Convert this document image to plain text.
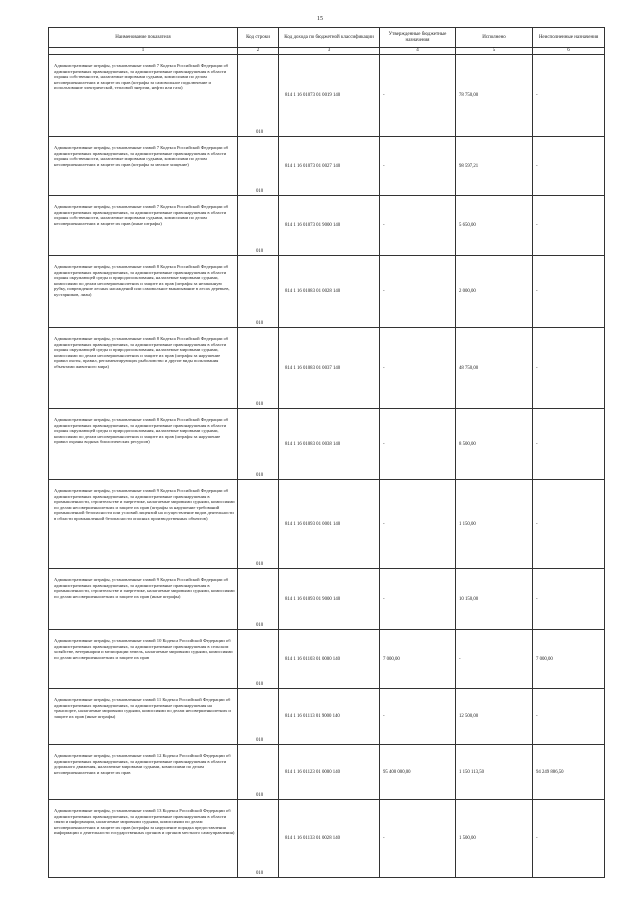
15
Наименование показателя	Код строки	Код дохода по бюджетной классификации	Утвержденные бюджетные назначения	Исполнено	Неисполненные назначения
1	2	3	4	5	6
Административные штрафы, установленные главой 7 Кодекса Российской Федерации об административных правонарушениях, за административные правонарушения в области охраны собственности, налагаемые мировыми судьями, комиссиями по делам несовершеннолетних и защите их прав (штрафы за самовольное подключение и использование электрической, тепловой энергии, нефти или газа)	010	814 1 16 01073 01 0019 140	-	78 750,00	-
Административные штрафы, установленные главой 7 Кодекса Российской Федерации об административных правонарушениях, за административные правонарушения в области охраны собственности, налагаемые мировыми судьями, комиссиями по делам несовершеннолетних и защите их прав (штрафы за мелкое хищение)	010	814 1 16 01073 01 0027 140	-	98 597,21	-
Административные штрафы, установленные главой 7 Кодекса Российской Федерации об административных правонарушениях, за административные правонарушения в области охраны собственности, налагаемые мировыми судьями, комиссиями по делам несовершеннолетних и защите их прав (иные штрафы)	010	814 1 16 01073 01 9000 140	-	5 650,00	-
Административные штрафы, установленные главой 8 Кодекса Российской Федерации об административных правонарушениях, за административные правонарушения в области охраны окружающей среды и природопользования, налагаемые мировыми судьями, комиссиями по делам несовершеннолетних и защите их прав (штрафы за незаконную рубку, повреждение лесных насаждений или самовольное выкапывание в лесах деревьев, кустарников, лиан)	010	814 1 16 01083 01 0028 140	-	2 000,00	-
Административные штрафы, установленные главой 8 Кодекса Российской Федерации об административных правонарушениях, за административные правонарушения в области охраны окружающей среды и природопользования, налагаемые мировыми судьями, комиссиями по делам несовершеннолетних и защите их прав (штрафы за нарушение правил охоты, правил, регламентирующих рыболовство и другие виды пользования объектами животного мира)	010	814 1 16 01083 01 0037 140	-	48 750,00	-
Административные штрафы, установленные главой 8 Кодекса Российской Федерации об административных правонарушениях, за административные правонарушения в области охраны окружающей среды и природопользования, налагаемые мировыми судьями, комиссиями по делам несовершеннолетних и защите их прав (штрафы за нарушение правил охраны водных биологических ресурсов)	010	814 1 16 01083 01 0038 140	-	8 500,00	-
Административные штрафы, установленные главой 9 Кодекса Российской Федерации об административных правонарушениях, за административные правонарушения в промышленности, строительстве и энергетике, налагаемые мировыми судьями, комиссиями по делам несовершеннолетних и защите их прав (штрафы за нарушение требований промышленной безопасности или условий лицензий на осуществление видов деятельности в области промышленной безопасности опасных производственных объектов)	010	814 1 16 01093 01 0001 140	-	1 150,00	-
Административные штрафы, установленные главой 9 Кодекса Российской Федерации об административных правонарушениях, за административные правонарушения в промышленности, строительстве и энергетике, налагаемые мировыми судьями, комиссиями по делам несовершеннолетних и защите их прав (иные штрафы)	010	814 1 16 01093 01 9000 140	-	10 150,00	-
Административные штрафы, установленные главой 10 Кодекса Российской Федерации об административных правонарушениях, за административные правонарушения в сельском хозяйстве, ветеринарии и мелиорации земель, налагаемые мировыми судьями, комиссиями по делам несовершеннолетних и защите их прав	010	814 1 16 01103 01 0000 140	7 000,00	-	7 000,00
Административные штрафы, установленные главой 11 Кодекса Российской Федерации об административных правонарушениях, за административные правонарушения на транспорте, налагаемые мировыми судьями, комиссиями по делам несовершеннолетних и защите их прав (иные штрафы)	010	814 1 16 01113 01 9000 140	-	12 500,00	-
Административные штрафы, установленные главой 12 Кодекса Российской Федерации об административных правонарушениях, за административные правонарушения в области дорожного движения, налагаемые мировыми судьями, комиссиями по делам несовершеннолетних и защите их прав	010	814 1 16 01123 01 0000 140	95 400 000,00	1 150 113,50	94 249 886,50
Административные штрафы, установленные главой 13 Кодекса Российской Федерации об административных правонарушениях, за административные правонарушения в области связи и информации, налагаемые мировыми судьями, комиссиями по делам несовершеннолетних и защите их прав (штрафы за нарушение порядка предоставления информации о деятельности государственных органов и органов местного самоуправления)	010	814 1 16 01133 01 0028 140	-	1 500,00	-
